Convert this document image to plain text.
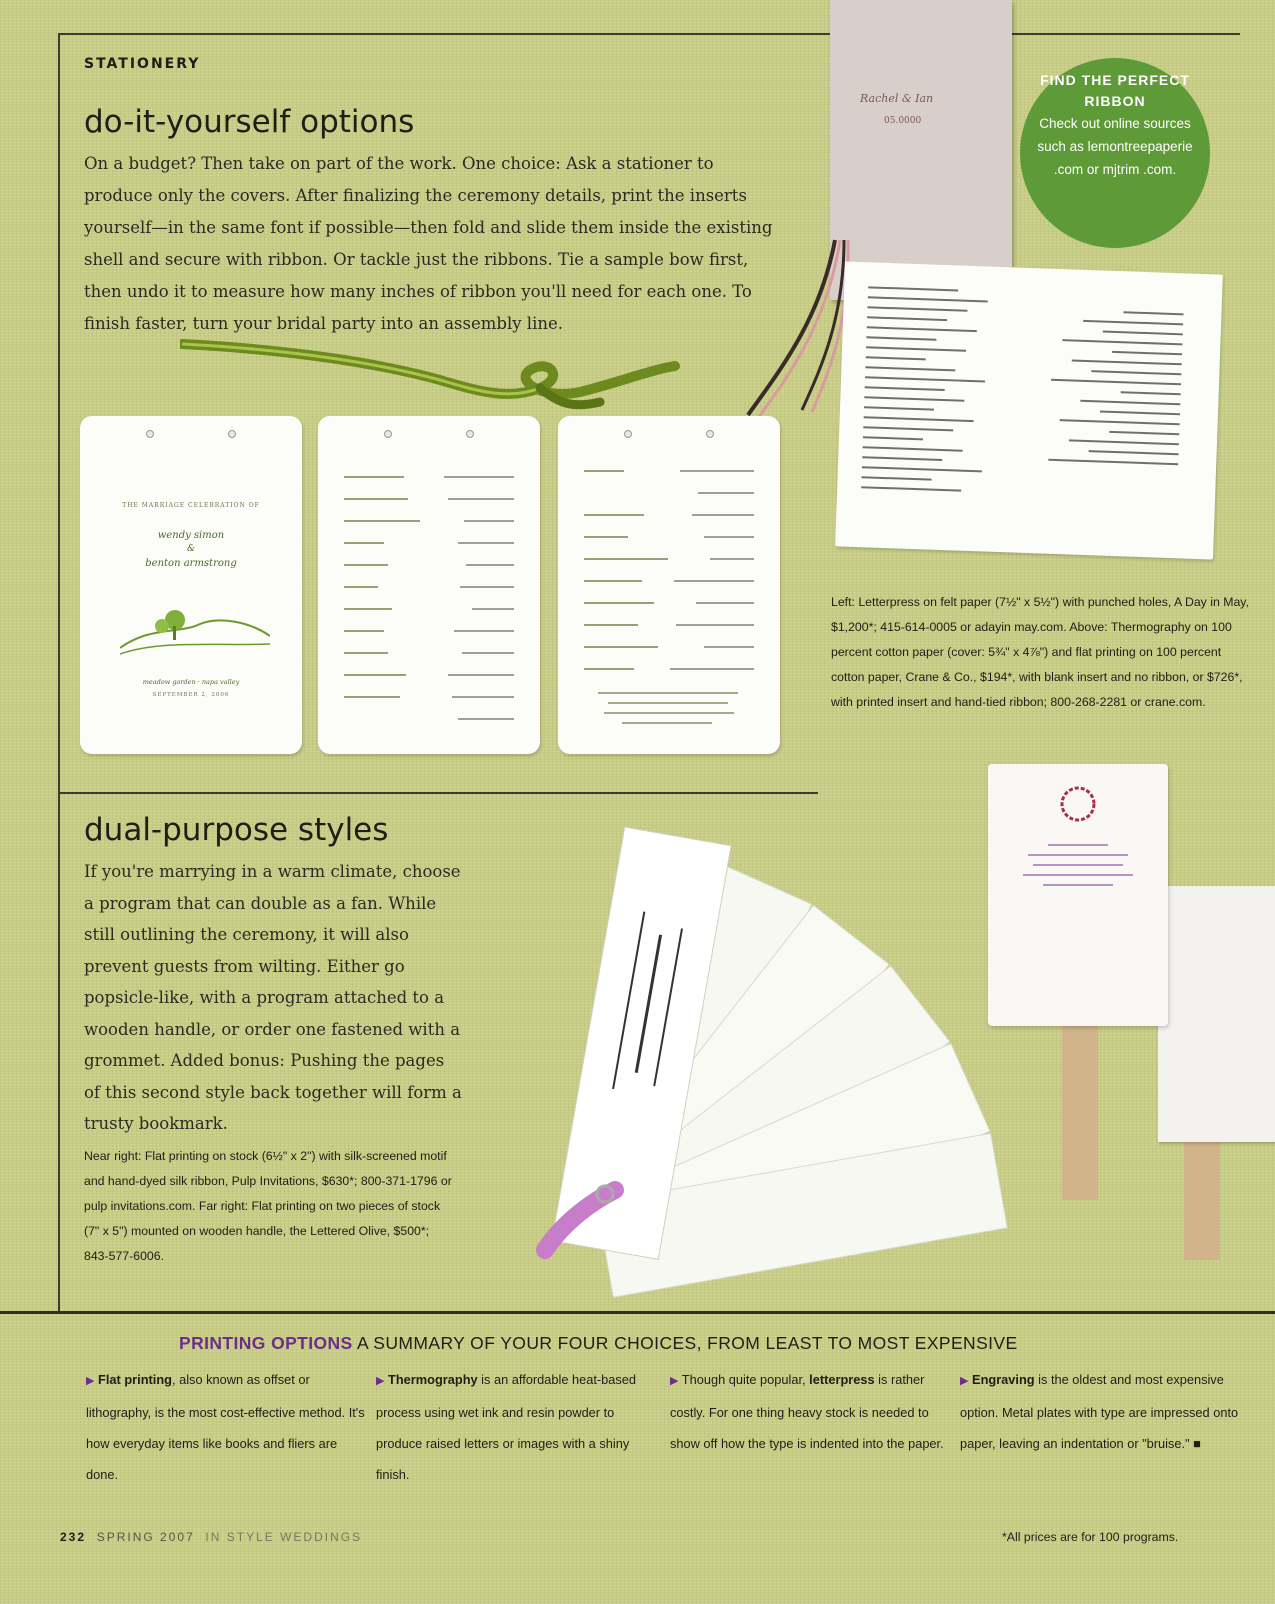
STATIONERY
do-it-yourself options

On a budget? Then take on part of the work. One choice: Ask a stationer to produce only the covers. After finalizing the ceremony details, print the inserts yourself—in the same font if possible—then fold and slide them inside the existing shell and secure with ribbon. Or tackle just the ribbons. Tie a sample bow first, then undo it to measure how many inches of ribbon you'll need for each one. To finish faster, turn your bridal party into an assembly line.

Rachel & Ian
05.0000
FIND THE PERFECT RIBBON
Check out online sources such as lemontreepaperie .com or mjtrim .com.
THE MARRIAGE CELEBRATION OF
wendy simon
&
benton armstrong
meadow garden · napa valley
SEPTEMBER 2, 2006
Left: Letterpress on felt paper (7½" x 5½") with punched holes, A Day in May, $1,200*; 415-614-0005 or adayin may.com. Above: Thermography on 100 percent cotton paper (cover: 5¾" x 4⅞") and flat printing on 100 percent cotton paper, Crane & Co., $194*, with blank insert and no ribbon, or $726*, with printed insert and hand-tied ribbon; 800-268-2281 or crane.com.
dual-purpose styles

If you're marrying in a warm climate, choose a program that can double as a fan. While still outlining the ceremony, it will also prevent guests from wilting. Either go popsicle-like, with a program attached to a wooden handle, or order one fastened with a grommet. Added bonus: Pushing the pages of this second style back together will form a trusty bookmark.

Near right: Flat printing on stock (6½" x 2") with silk-screened motif and hand-dyed silk ribbon, Pulp Invitations, $630*; 800-371-1796 or pulp invitations.com. Far right: Flat printing on two pieces of stock (7" x 5") mounted on wooden handle, the Lettered Olive, $500*; 843-577-6006.
PRINTING OPTIONS A SUMMARY OF YOUR FOUR CHOICES, FROM LEAST TO MOST EXPENSIVE

▶ Flat printing, also known as offset or lithography, is the most cost-effective method. It's how everyday items like books and fliers are done.

▶ Thermography is an affordable heat-based process using wet ink and resin powder to produce raised letters or images with a shiny finish.

▶ Though quite popular, letterpress is rather costly. For one thing heavy stock is needed to show off how the type is indented into the paper.

▶ Engraving is the oldest and most expensive option. Metal plates with type are impressed onto paper, leaving an indentation or "bruise." ■

232 SPRING 2007 IN STYLE WEDDINGS	*All prices are for 100 programs.
